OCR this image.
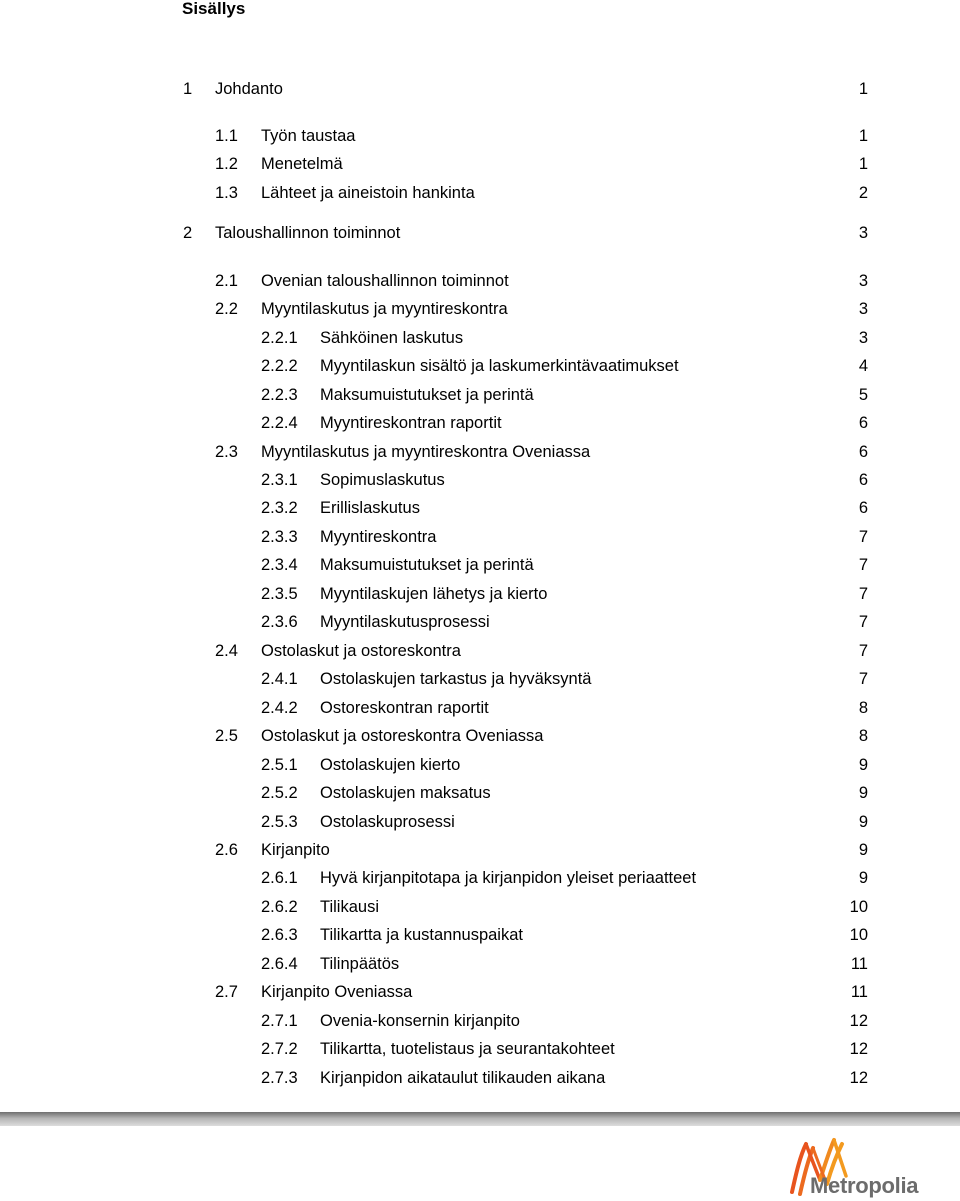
Sisällys
1 Johdanto	1
1.1 Työn taustaa	1
1.2 Menetelmä	1
1.3 Lähteet ja aineistoin hankinta	2
2 Taloushallinnon toiminnot	3
2.1 Ovenian taloushallinnon toiminnot	3
2.2 Myyntilaskutus ja myyntireskontra	3
2.2.1 Sähköinen laskutus	3
2.2.2 Myyntilaskun sisältö ja laskumerkintävaatimukset	4
2.2.3 Maksumuistutukset ja perintä	5
2.2.4 Myyntireskontran raportit	6
2.3 Myyntilaskutus ja myyntireskontra Oveniassa	6
2.3.1 Sopimuslaskutus	6
2.3.2 Erillislaskutus	6
2.3.3 Myyntireskontra	7
2.3.4 Maksumuistutukset ja perintä	7
2.3.5 Myyntilaskujen lähetys ja kierto	7
2.3.6 Myyntilaskutusprosessi	7
2.4 Ostolaskut ja ostoreskontra	7
2.4.1 Ostolaskujen tarkastus ja hyväksyntä	7
2.4.2 Ostoreskontran raportit	8
2.5 Ostolaskut ja ostoreskontra Oveniassa	8
2.5.1 Ostolaskujen kierto	9
2.5.2 Ostolaskujen maksatus	9
2.5.3 Ostolaskuprosessi	9
2.6 Kirjanpito	9
2.6.1 Hyvä kirjanpitotapa ja kirjanpidon yleiset periaatteet	9
2.6.2 Tilikausi	10
2.6.3 Tilikartta ja kustannuspaikat	10
2.6.4 Tilinpäätös	11
2.7 Kirjanpito Oveniassa	11
2.7.1 Ovenia-konsernin kirjanpito	12
2.7.2 Tilikartta, tuotelistaus ja seurantakohteet	12
2.7.3 Kirjanpidon aikataulut tilikauden aikana	12
Metropolia
